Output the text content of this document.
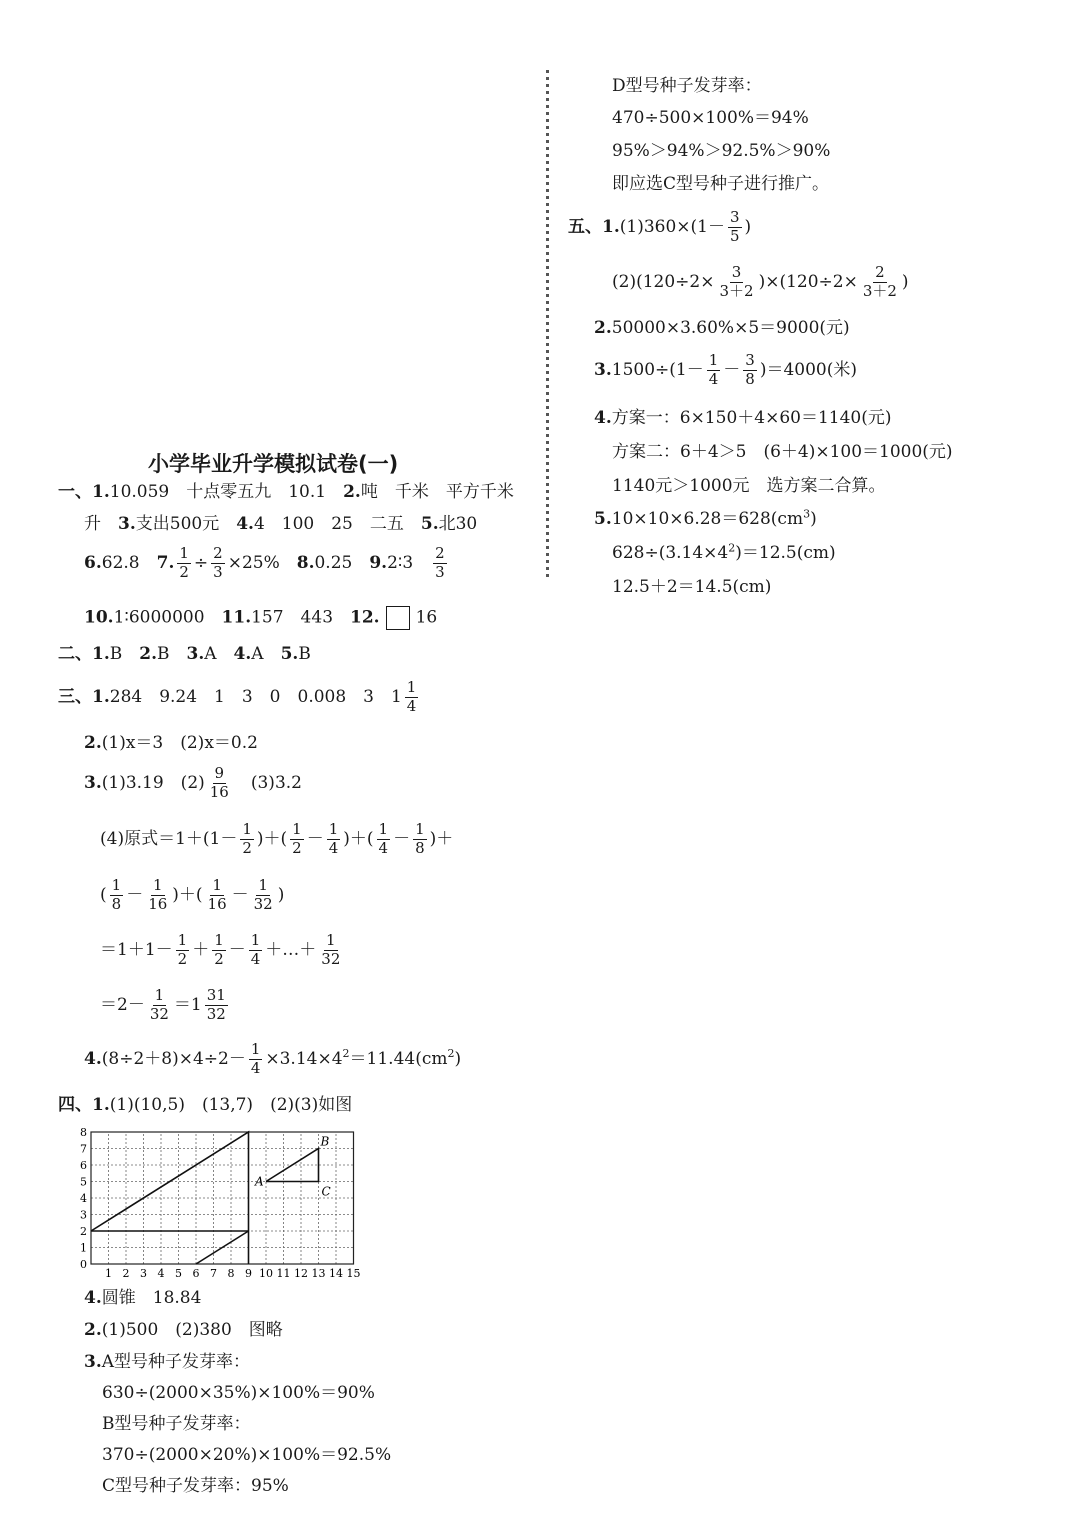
小学毕业升学模拟试卷(一)
一、1.10.059　十点零五九　10.1　2.吨　千米　平方千米
升　3.支出500元　4.4　100　25　二五　5.北30
6.62.8　7. $\frac{1}{2} \div \frac{2}{3} \times 25\%$　8.0.25　9.2∶3　 $\frac{2}{3}$
10.1∶6000000　11.157　443　12. 16
二、1.B　2.B　3.A　4.A　5.B
三、1.284　9.24　1　3　0　0.008　3　$1 \frac{1}{4}$
2.(1)x＝3　(2)x＝0.2
3.(1)3.19　$(2) \frac{9}{16}$ 　(3)3.2
(4)原式$=1+(1- \frac{1}{2}$ )＋( $\frac{1}{2} - \frac{1}{4}$ )＋( $\frac{1}{4} - \frac{1}{8}$ )＋
( $\frac{1}{8} - \frac{1}{16}$ )＋( $\frac{1}{16} - \frac{1}{32}$ )
$=1+1- \frac{1}{2} + \frac{1}{2} - \frac{1}{4}$ ＋…＋ $\frac{1}{32}$
$=2- \frac{1}{32} =1 \frac{31}{32}$
$4.(8\div 2+8)\times 4\div 2- \frac{1}{4} \times 3.14\times 4^2=11.44(cm^2)$
四、1.(1)(10,5)　(13,7)　(2)(3)如图
1 2 3 4 5 6 7 8 9 10 11 12 13 14 15
0
1
2
3
4
5
6
7
8
A
B
C
4.圆锥　18.84
2.(1)500　(2)380　图略
3.A型号种子发芽率：
630÷(2000×35%)×100%＝90%
B型号种子发芽率：
370÷(2000×20%)×100%＝92.5%
C型号种子发芽率：95%
D型号种子发芽率：
470÷500×100%＝94%
95%＞94%＞92.5%＞90%
即应选C型号种子进行推广。
五、$1.(1)360\times(1- \frac{3}{5}$ )
$(2)(120\div 2\times \frac{3}{3+2} )\times(120\div 2\times \frac{2}{3+2}$ )
2.50000×3.60%×5＝9000(元)
$3.1500\div(1- \frac{1}{4} - \frac{3}{8} )=4000$(米)
4.方案一：6×150＋4×60＝1140(元)
方案二：6＋4＞5　(6＋4)×100＝1000(元)
1140元＞1000元　选方案二合算。
$5.10\times 10\times 6.28=628(cm^3)$
$628\div(3.14\times 4^2)=12.5(cm)$
12.5＋2＝14.5(cm)
